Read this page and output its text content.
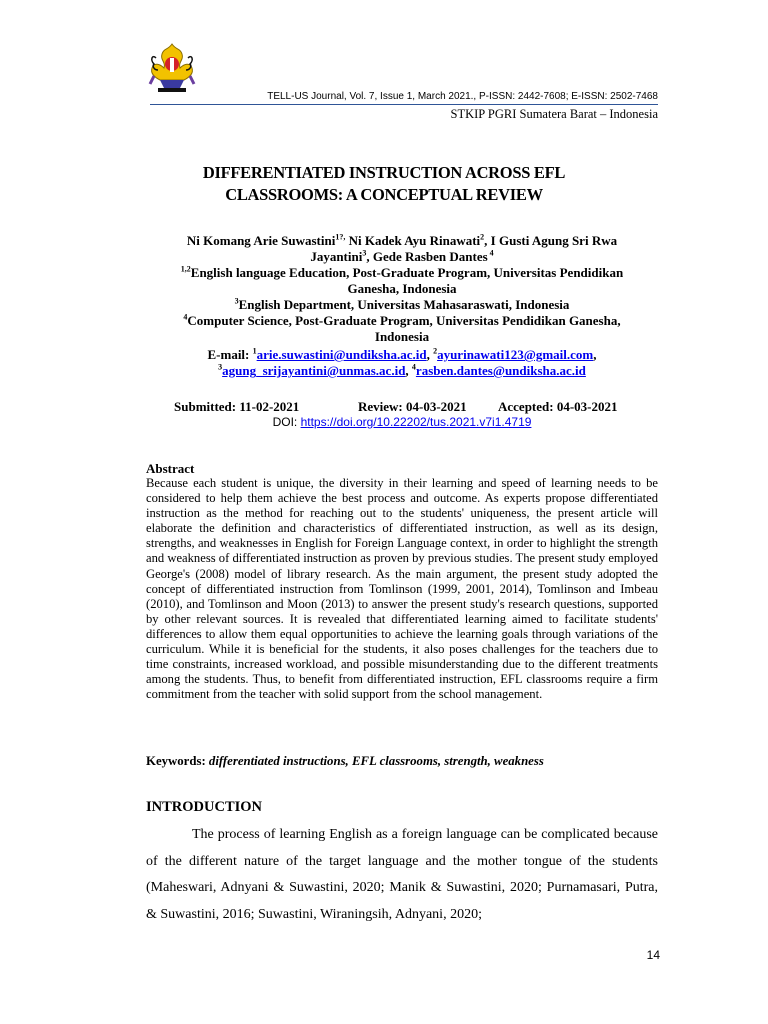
TELL-US Journal, Vol. 7, Issue 1, March 2021., P-ISSN: 2442-7608; E-ISSN: 2502-7468
STKIP PGRI Sumatera Barat – Indonesia
DIFFERENTIATED INSTRUCTION ACROSS EFL
CLASSROOMS: A CONCEPTUAL REVIEW
Ni Komang Arie Suwastini$^{1?,}$ Ni Kadek Ayu Rinawati$^2$, I Gusti Agung Sri Rwa
Jayantini$^3$, Gede Rasben Dantes $^4$
$^{1,2}$English language Education, Post-Graduate Program, Universitas Pendidikan
Ganesha, Indonesia
$^3$English Department, Universitas Mahasaraswati, Indonesia
$^4$Computer Science, Post-Graduate Program, Universitas Pendidikan Ganesha,
Indonesia
E-mail: $^1$arie.suwastini@undiksha.ac.id, $^2$ayurinawati123@gmail.com,
$^3$agung_srijayantini@unmas.ac.id, $^4$rasben.dantes@undiksha.ac.id
Submitted: 11-02-2021	Review: 04-03-2021 Accepted: 04-03-2021
DOI: https://doi.org/10.22202/tus.2021.v7i1.4719
Abstract
Because each student is unique, the diversity in their learning and speed of learning needs to be considered to help them achieve the best process and outcome. As experts propose differentiated instruction as the method for reaching out to the students' uniqueness, the present article will elaborate the definition and characteristics of differentiated instruction, as well as its design, strengths, and weaknesses in English for Foreign Language context, in order to highlight the strength and weakness of differentiated instruction as proven by previous studies. The present study employed George's (2008) model of library research. As the main argument, the present study adopted the concept of differentiated instruction from Tomlinson (1999, 2001, 2014), Tomlinson and Imbeau (2010), and Tomlinson and Moon (2013) to answer the present study's research questions, supported by other relevant sources. It is revealed that differentiated learning aimed to facilitate students' differences to allow them equal opportunities to achieve the learning goals through variations of the curriculum. While it is beneficial for the students, it also poses challenges for the teachers due to time constraints, increased workload, and possible misunderstanding due to the different treatments among the students. Thus, to benefit from differentiated instruction, EFL classrooms require a firm commitment from the teacher with solid support from the school management.
Keywords: differentiated instructions, EFL classrooms, strength, weakness
INTRODUCTION
The process of learning English as a foreign language can be complicated because of the different nature of the target language and the mother tongue of the students (Maheswari, Adnyani & Suwastini, 2020; Manik & Suwastini, 2020; Purnamasari, Putra, & Suwastini, 2016; Suwastini, Wiraningsih, Adnyani, 2020;
14
